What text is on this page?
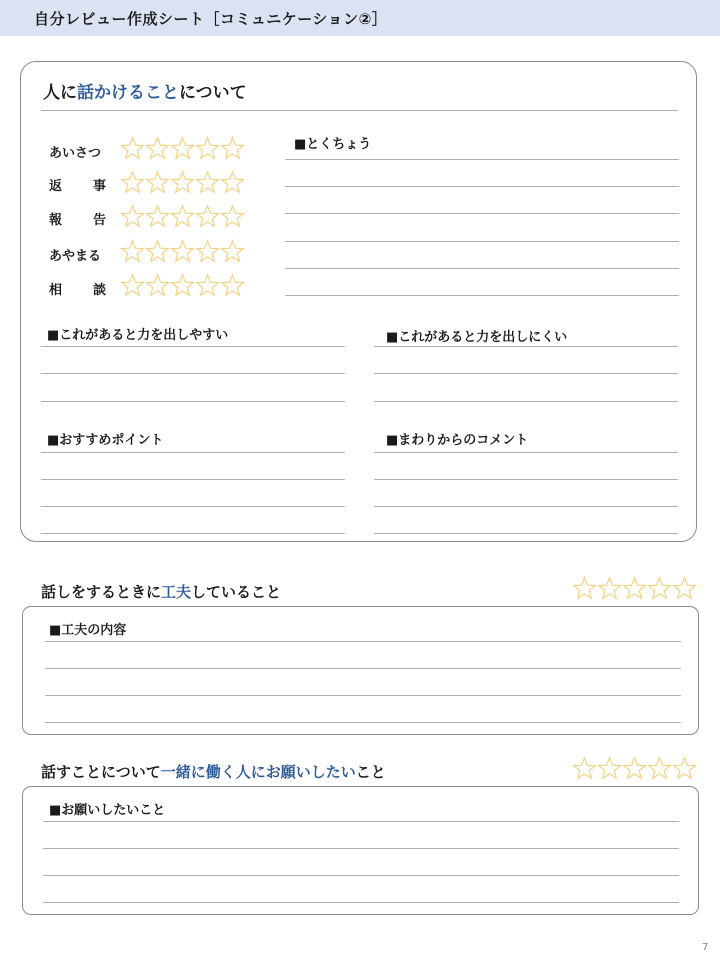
自分レビュー作成シート［コミュニケーション②］
人に話かけることについて
あいさつ
返事
報告
あやまる
相談
■とくちょう
■これがあると力を出しやすい	■これがあると力を出しにくい
■おすすめポイント	■まわりからのコメント
話しをするときに工夫していること
■工夫の内容
話すことについて一緒に働く人にお願いしたいこと
■お願いしたいこと
7
